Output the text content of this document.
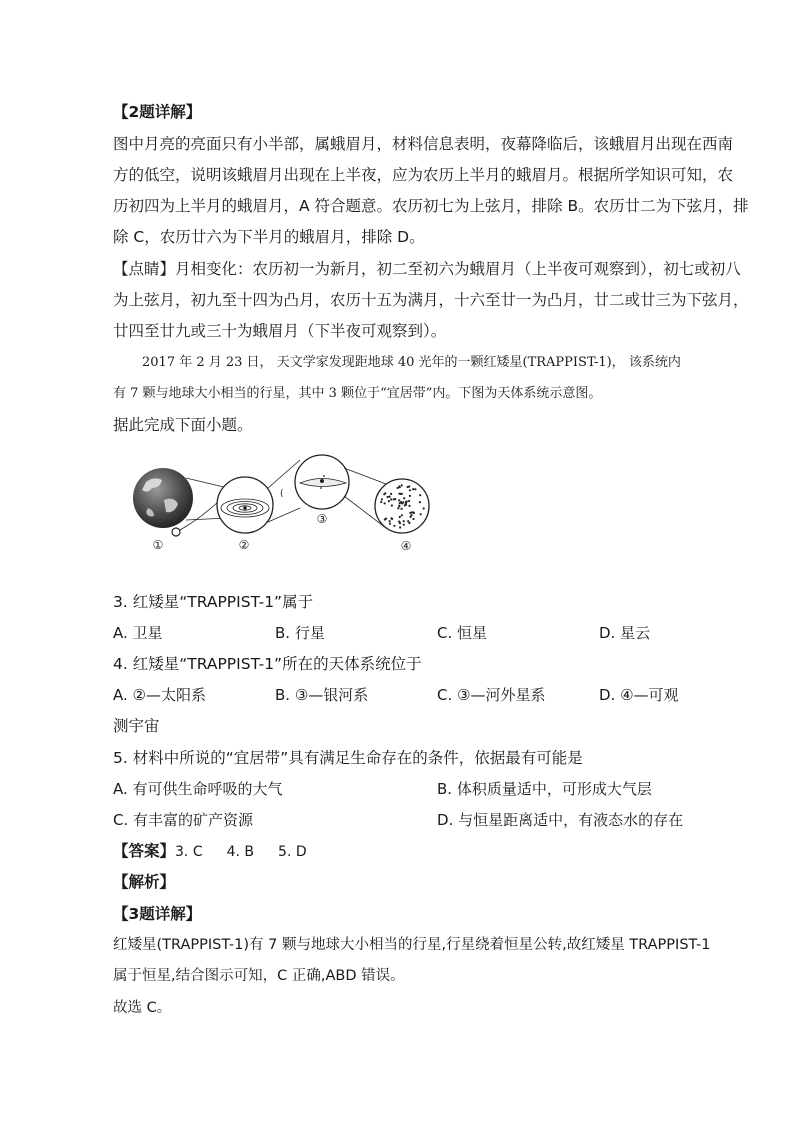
【2题详解】
图中月亮的亮面只有小半部，属蛾眉月，材料信息表明，夜幕降临后，该蛾眉月出现在西南
方的低空，说明该蛾眉月出现在上半夜，应为农历上半月的蛾眉月。根据所学知识可知，农
历初四为上半月的蛾眉月，A 符合题意。农历初七为上弦月，排除 B。农历廿二为下弦月，排
除 C，农历廿六为下半月的蛾眉月，排除 D。
【点睛】月相变化：农历初一为新月，初二至初六为蛾眉月（上半夜可观察到），初七或初八
为上弦月，初九至十四为凸月，农历十五为满月，十六至廿一为凸月，廿二或廿三为下弦月，
廿四至廿九或三十为蛾眉月（下半夜可观察到）。
2017 年 2 月 23 日， 天文学家发现距地球 40 光年的一颗红矮星(TRAPPIST-1)， 该系统内
有 7 颗与地球大小相当的行星，其中 3 颗位于“宜居带”内。下图为天体系统示意图。
据此完成下面小题。
(
①	②
③
④
3. 红矮星“TRAPPIST-1”属于
A. 卫星	B. 行星	C. 恒星	D. 星云
4. 红矮星“TRAPPIST-1”所在的天体系统位于
A. ②—太阳系	B. ③—银河系	C. ③—河外星系	D. ④—可观
测宇宙
5. 材料中所说的“宜居带”具有满足生命存在的条件，依据最有可能是
A. 有可供生命呼吸的大气	B. 体积质量适中，可形成大气层
C. 有丰富的矿产资源	D. 与恒星距离适中，有液态水的存在
【答案】3. C 4. B 5. D
【解析】
【3题详解】
红矮星(TRAPPIST-1)有 7 颗与地球大小相当的行星,行星绕着恒星公转,故红矮星 TRAPPIST-1
属于恒星,结合图示可知，C 正确,ABD 错误。
故选 C。
